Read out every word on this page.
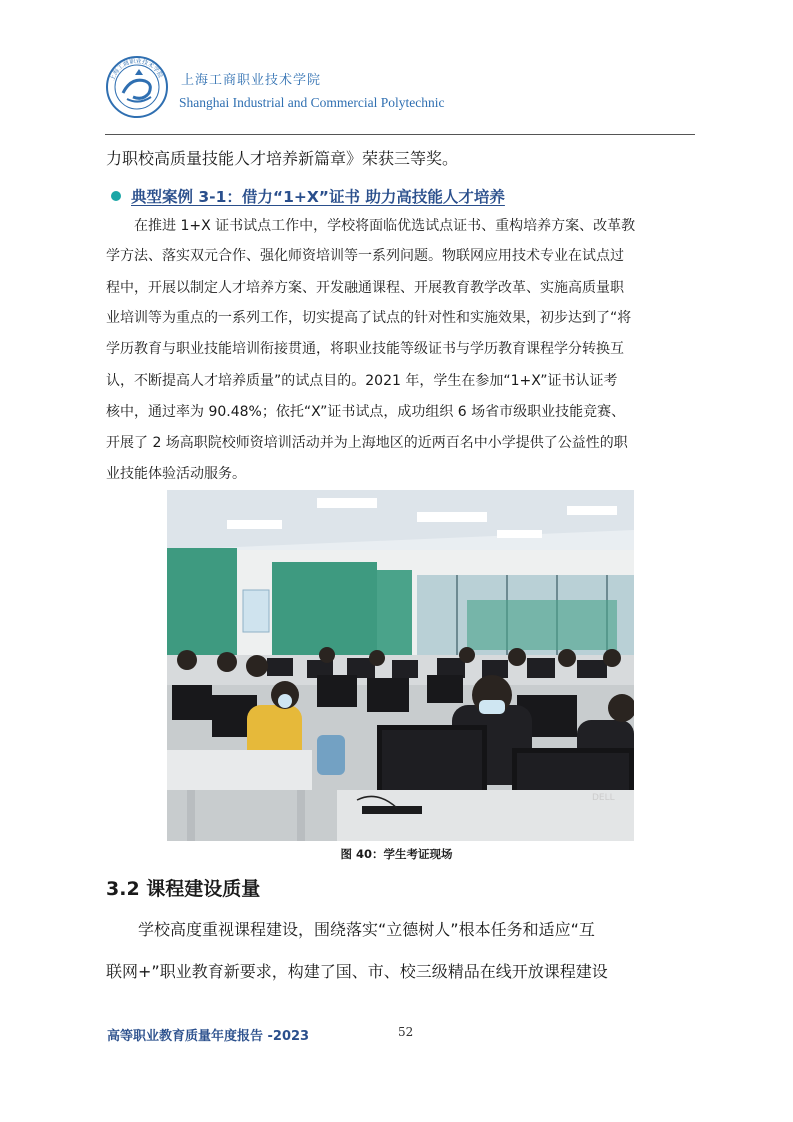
上海工商职业技术学院 上海工商职业技术学院
Shanghai Industrial and Commercial Polytechnic
力职校高质量技能人才培养新篇章》荣获三等奖。
典型案例 3-1：借力“1+X”证书 助力高技能人才培养
　　在推进 1+X 证书试点工作中，学校将面临优选试点证书、重构培养方案、改革教
学方法、落实双元合作、强化师资培训等一系列问题。物联网应用技术专业在试点过
程中，开展以制定人才培养方案、开发融通课程、开展教育教学改革、实施高质量职
业培训等为重点的一系列工作，切实提高了试点的针对性和实施效果，初步达到了“将
学历教育与职业技能培训衔接贯通，将职业技能等级证书与学历教育课程学分转换互
认，不断提高人才培养质量”的试点目的。2021 年，学生在参加“1+X”证书认证考
核中，通过率为 90.48%；依托“X”证书试点，成功组织 6 场省市级职业技能竞赛、
开展了 2 场高职院校师资培训活动并为上海地区的近两百名中小学提供了公益性的职
业技能体验活动服务。
DELL
图 40：学生考证现场
3.2 课程建设质量
　　学校高度重视课程建设，围绕落实“立德树人”根本任务和适应“互
联网+”职业教育新要求，构建了国、市、校三级精品在线开放课程建设
高等职业教育质量年度报告 -2023	52
